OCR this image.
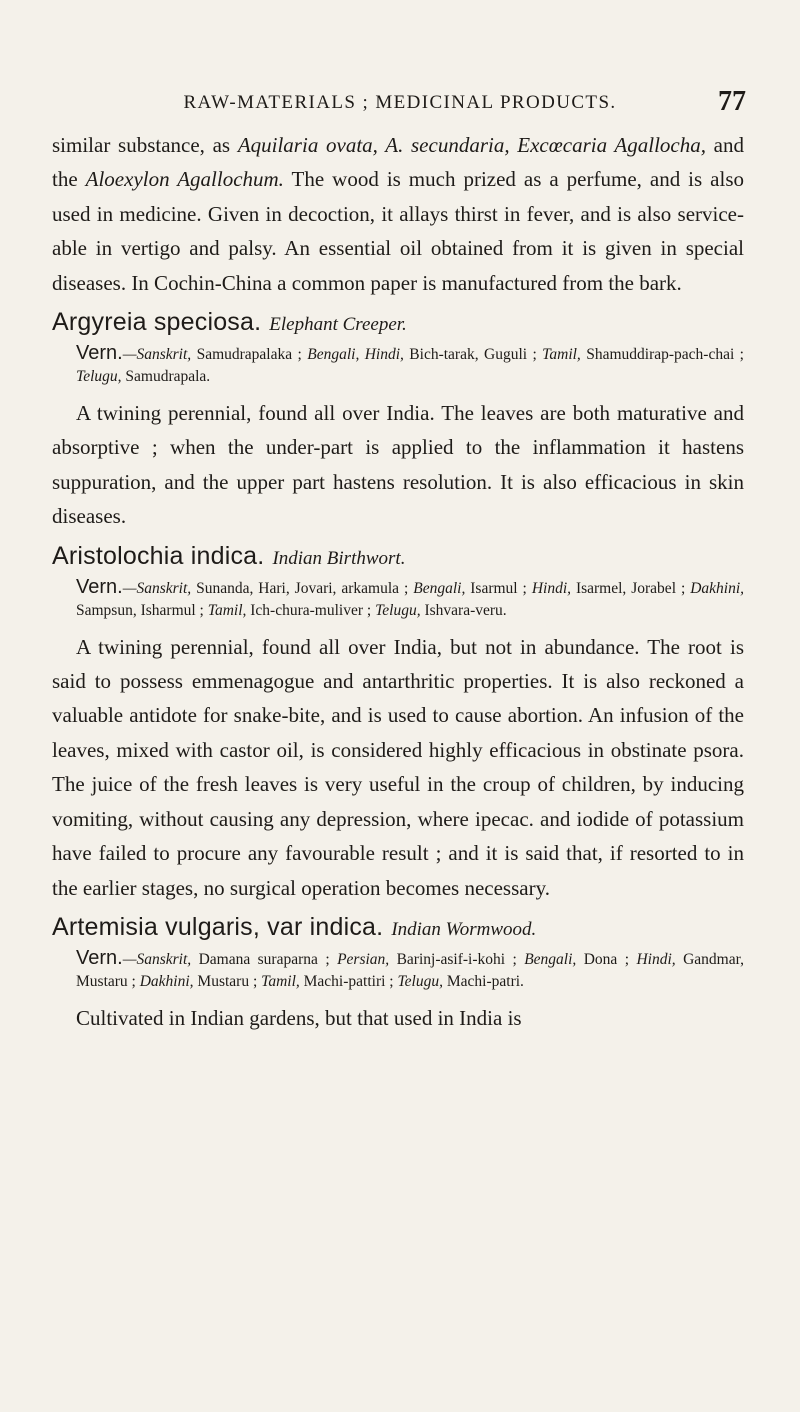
RAW-MATERIALS ; MEDICINAL PRODUCTS.	77

similar substance, as Aquilaria ovata, A. secundaria, Excœcaria Agallocha, and the Aloexylon Agallochum. The wood is much prized as a perfume, and is also used in medicine. Given in decoction, it allays thirst in fever, and is also serviceable in vertigo and palsy. An essential oil obtained from it is given in special diseases. In Cochin-China a common paper is manufactured from the bark.

Argyreia speciosa. Elephant Creeper.
Vern.—Sanskrit, Samudrapalaka ; Bengali, Hindi, Bich-tarak, Guguli ; Tamil, Shamuddirap-pach-chai ; Telugu, Samudrapala.

A twining perennial, found all over India. The leaves are both maturative and absorptive ; when the under-part is applied to the inflammation it hastens suppuration, and the upper part hastens resolution. It is also efficacious in skin diseases.

Aristolochia indica. Indian Birthwort.
Vern.—Sanskrit, Sunanda, Hari, Jovari, arkamula ; Bengali, Isarmul ; Hindi, Isarmel, Jorabel ; Dakhini, Sampsun, Isharmul ; Tamil, Ich-chura-muliver ; Telugu, Ishvara-veru.

A twining perennial, found all over India, but not in abundance. The root is said to possess emmenagogue and antarthritic properties. It is also reckoned a valuable antidote for snake-bite, and is used to cause abortion. An infusion of the leaves, mixed with castor oil, is considered highly efficacious in obstinate psora. The juice of the fresh leaves is very useful in the croup of children, by inducing vomiting, without causing any depression, where ipecac. and iodide of potassium have failed to procure any favourable result ; and it is said that, if resorted to in the earlier stages, no surgical operation becomes necessary.

Artemisia vulgaris, var indica. Indian Wormwood.
Vern.—Sanskrit, Damana suraparna ; Persian, Barinj-asif-i-kohi ; Bengali, Dona ; Hindi, Gandmar, Mustaru ; Dakhini, Mustaru ; Tamil, Machi-pattiri ; Telugu, Machi-patri.

Cultivated in Indian gardens, but that used in India is
